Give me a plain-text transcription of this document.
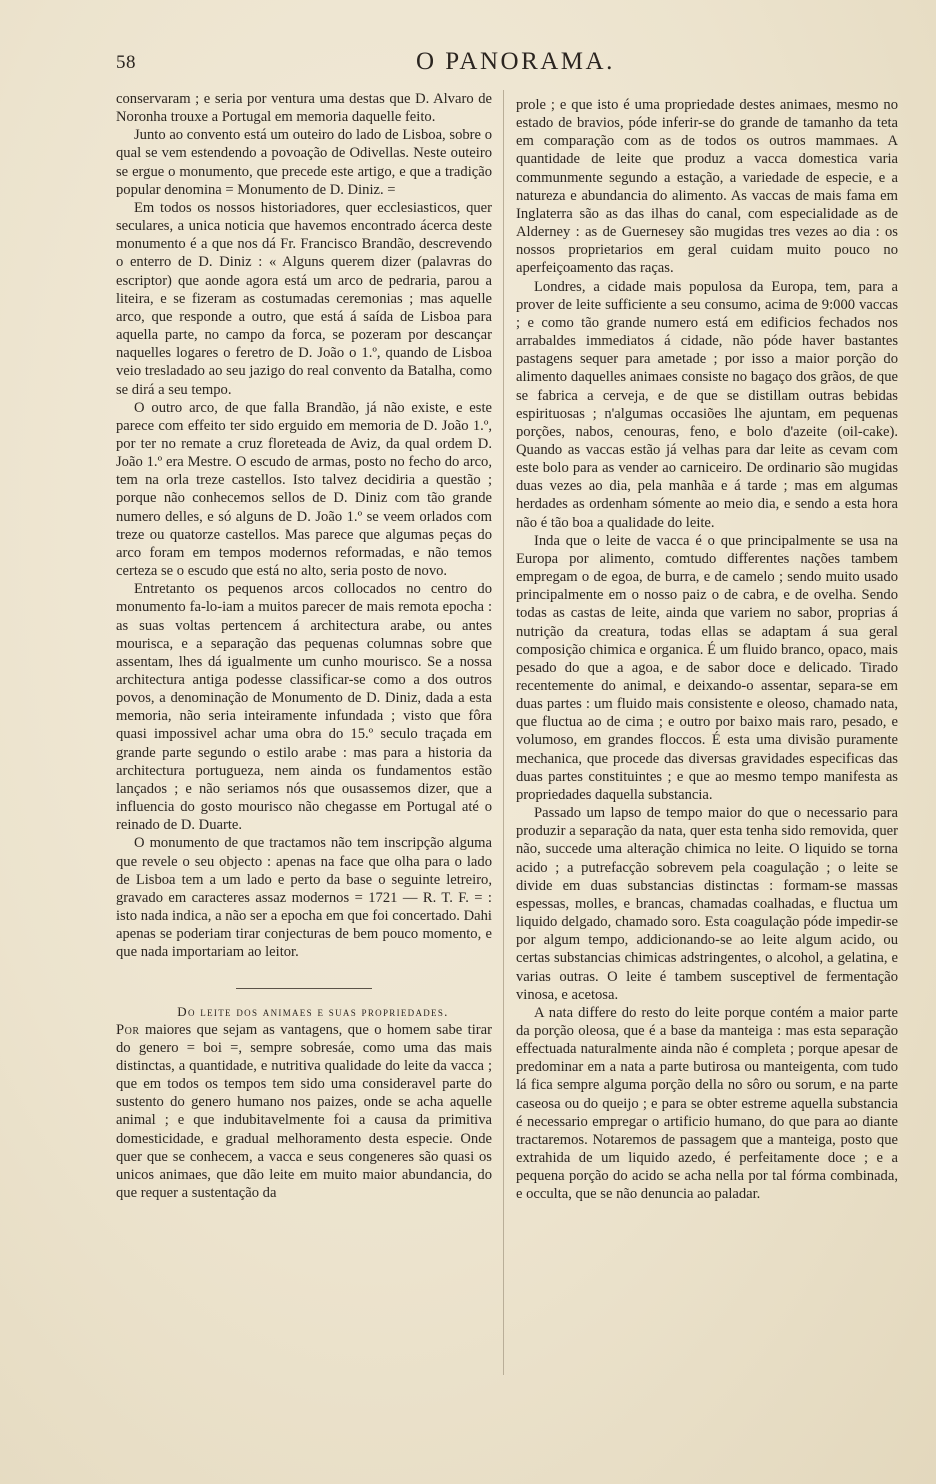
58	O PANORAMA.

conservaram ; e seria por ventura uma destas que D. Alvaro de Noronha trouxe a Portugal em memoria daquelle feito.

Junto ao convento está um outeiro do lado de Lisboa, sobre o qual se vem estendendo a povoação de Odivellas. Neste outeiro se ergue o monumento, que precede este artigo, e que a tradição popular denomina = Monumento de D. Diniz. =

Em todos os nossos historiadores, quer ecclesiasticos, quer seculares, a unica noticia que havemos encontrado ácerca deste monumento é a que nos dá Fr. Francisco Brandão, descrevendo o enterro de D. Diniz : « Alguns querem dizer (palavras do escriptor) que aonde agora está um arco de pedraria, parou a liteira, e se fizeram as costumadas ceremonias ; mas aquelle arco, que responde a outro, que está á saída de Lisboa para aquella parte, no campo da forca, se pozeram por descançar naquelles logares o feretro de D. João o 1.º, quando de Lisboa veio tresladado ao seu jazigo do real convento da Batalha, como se dirá a seu tempo.

O outro arco, de que falla Brandão, já não existe, e este parece com effeito ter sido erguido em memoria de D. João 1.º, por ter no remate a cruz floreteada de Aviz, da qual ordem D. João 1.º era Mestre. O escudo de armas, posto no fecho do arco, tem na orla treze castellos. Isto talvez decidiria a questão ; porque não conhecemos sellos de D. Diniz com tão grande numero delles, e só alguns de D. João 1.º se veem orlados com treze ou quatorze castellos. Mas parece que algumas peças do arco foram em tempos modernos reformadas, e não temos certeza se o escudo que está no alto, seria posto de novo.

Entretanto os pequenos arcos collocados no centro do monumento fa-lo-iam a muitos parecer de mais remota epocha : as suas voltas pertencem á architectura arabe, ou antes mourisca, e a separação das pequenas columnas sobre que assentam, lhes dá igualmente um cunho mourisco. Se a nossa architectura antiga podesse classificar-se como a dos outros povos, a denominação de Monumento de D. Diniz, dada a esta memoria, não seria inteiramente infundada ; visto que fôra quasi impossivel achar uma obra do 15.º seculo traçada em grande parte segundo o estilo arabe : mas para a historia da architectura portugueza, nem ainda os fundamentos estão lançados ; e não seriamos nós que ousassemos dizer, que a influencia do gosto mourisco não chegasse em Portugal até o reinado de D. Duarte.

O monumento de que tractamos não tem inscripção alguma que revele o seu objecto : apenas na face que olha para o lado de Lisboa tem a um lado e perto da base o seguinte letreiro, gravado em caracteres assaz modernos = 1721 — R. T. F. = : isto nada indica, a não ser a epocha em que foi concertado. Dahi apenas se poderiam tirar conjecturas de bem pouco momento, e que nada importariam ao leitor.

Do leite dos animaes e suas propriedades.

Por maiores que sejam as vantagens, que o homem sabe tirar do genero = boi =, sempre sobresáe, como uma das mais distinctas, a quantidade, e nutritiva qualidade do leite da vacca ; que em todos os tempos tem sido uma consideravel parte do sustento do genero humano nos paizes, onde se acha aquelle animal ; e que indubitavelmente foi a causa da primitiva domesticidade, e gradual melhoramento desta especie. Onde quer que se conhecem, a vacca e seus congeneres são quasi os unicos animaes, que dão leite em muito maior abundancia, do que requer a sustentação da

prole ; e que isto é uma propriedade destes animaes, mesmo no estado de bravios, póde inferir-se do grande de tamanho da teta em comparação com as de todos os outros mammaes. A quantidade de leite que produz a vacca domestica varia communmente segundo a estação, a variedade de especie, e a natureza e abundancia do alimento. As vaccas de mais fama em Inglaterra são as das ilhas do canal, com especialidade as de Alderney : as de Guernesey são mugidas tres vezes ao dia : os nossos proprietarios em geral cuidam muito pouco no aperfeiçoamento das raças.

Londres, a cidade mais populosa da Europa, tem, para a prover de leite sufficiente a seu consumo, acima de 9:000 vaccas ; e como tão grande numero está em edificios fechados nos arrabaldes immediatos á cidade, não póde haver bastantes pastagens sequer para ametade ; por isso a maior porção do alimento daquelles animaes consiste no bagaço dos grãos, de que se fabrica a cerveja, e de que se distillam outras bebidas espirituosas ; n'algumas occasiões lhe ajuntam, em pequenas porções, nabos, cenouras, feno, e bolo d'azeite (oil-cake). Quando as vaccas estão já velhas para dar leite as cevam com este bolo para as vender ao carniceiro. De ordinario são mugidas duas vezes ao dia, pela manhãa e á tarde ; mas em algumas herdades as ordenham sómente ao meio dia, e sendo a esta hora não é tão boa a qualidade do leite.

Inda que o leite de vacca é o que principalmente se usa na Europa por alimento, comtudo differentes nações tambem empregam o de egoa, de burra, e de camelo ; sendo muito usado principalmente em o nosso paiz o de cabra, e de ovelha. Sendo todas as castas de leite, ainda que variem no sabor, proprias á nutrição da creatura, todas ellas se adaptam á sua geral composição chimica e organica. É um fluido branco, opaco, mais pesado do que a agoa, e de sabor doce e delicado. Tirado recentemente do animal, e deixando-o assentar, separa-se em duas partes : um fluido mais consistente e oleoso, chamado nata, que fluctua ao de cima ; e outro por baixo mais raro, pesado, e volumoso, em grandes floccos. É esta uma divisão puramente mechanica, que procede das diversas gravidades especificas das duas partes constituintes ; e que ao mesmo tempo manifesta as propriedades daquella substancia.

Passado um lapso de tempo maior do que o necessario para produzir a separação da nata, quer esta tenha sido removida, quer não, succede uma alteração chimica no leite. O liquido se torna acido ; a putrefacção sobrevem pela coagulação ; o leite se divide em duas substancias distinctas : formam-se massas espessas, molles, e brancas, chamadas coalhadas, e fluctua um liquido delgado, chamado soro. Esta coagulação póde impedir-se por algum tempo, addicionando-se ao leite algum acido, ou certas substancias chimicas adstringentes, o alcohol, a gelatina, e varias outras. O leite é tambem susceptivel de fermentação vinosa, e acetosa.

A nata differe do resto do leite porque contém a maior parte da porção oleosa, que é a base da manteiga : mas esta separação effectuada naturalmente ainda não é completa ; porque apesar de predominar em a nata a parte butirosa ou manteigenta, com tudo lá fica sempre alguma porção della no sôro ou sorum, e na parte caseosa ou do queijo ; e para se obter estreme aquella substancia é necessario empregar o artificio humano, do que para ao diante tractaremos. Notaremos de passagem que a manteiga, posto que extrahida de um liquido azedo, é perfeitamente doce ; e a pequena porção do acido se acha nella por tal fórma combinada, e occulta, que se não denuncia ao paladar.
